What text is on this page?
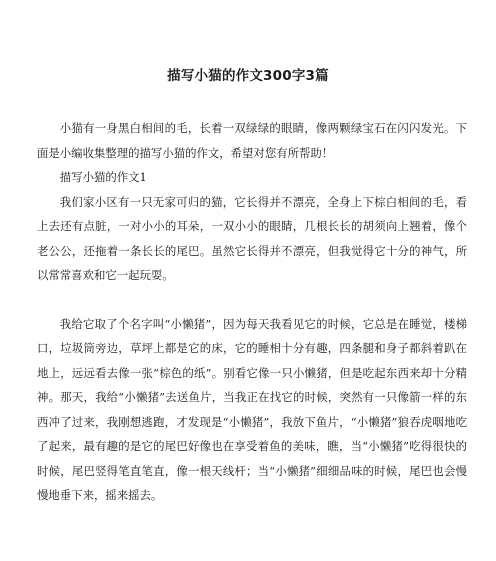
描写小猫的作文300字3篇

小猫有一身黑白相间的毛，长着一双绿绿的眼睛，像两颗绿宝石在闪闪发光。下面是小编收集整理的描写小猫的作文，希望对您有所帮助！

描写小猫的作文1

我们家小区有一只无家可归的猫，它长得并不漂亮，全身上下棕白相间的毛，看上去还有点脏，一对小小的耳朵，一双小小的眼睛，几根长长的胡须向上翘着，像个老公公，还拖着一条长长的尾巴。虽然它长得并不漂亮，但我觉得它十分的神气，所以常常喜欢和它一起玩耍。

我给它取了个名字叫“小懒猪”，因为每天我看见它的时候，它总是在睡觉，楼梯口，垃圾筒旁边，草坪上都是它的床，它的睡相十分有趣，四条腿和身子都斜着趴在地上，远远看去像一张“棕色的纸”。别看它像一只小懒猪，但是吃起东西来却十分精神。那天，我给“小懒猪”去送鱼片，当我正在找它的时候，突然有一只像箭一样的东西冲了过来，我刚想逃跑，才发现是“小懒猪”，我放下鱼片，“小懒猪”狼吞虎咽地吃了起来，最有趣的是它的尾巴好像也在享受着鱼的美味，瞧，当“小懒猪”吃得很快的时候，尾巴竖得笔直笔直，像一根天线杆；当“小懒猪”细细品味的时候，尾巴也会慢慢地垂下来，摇来摇去。
